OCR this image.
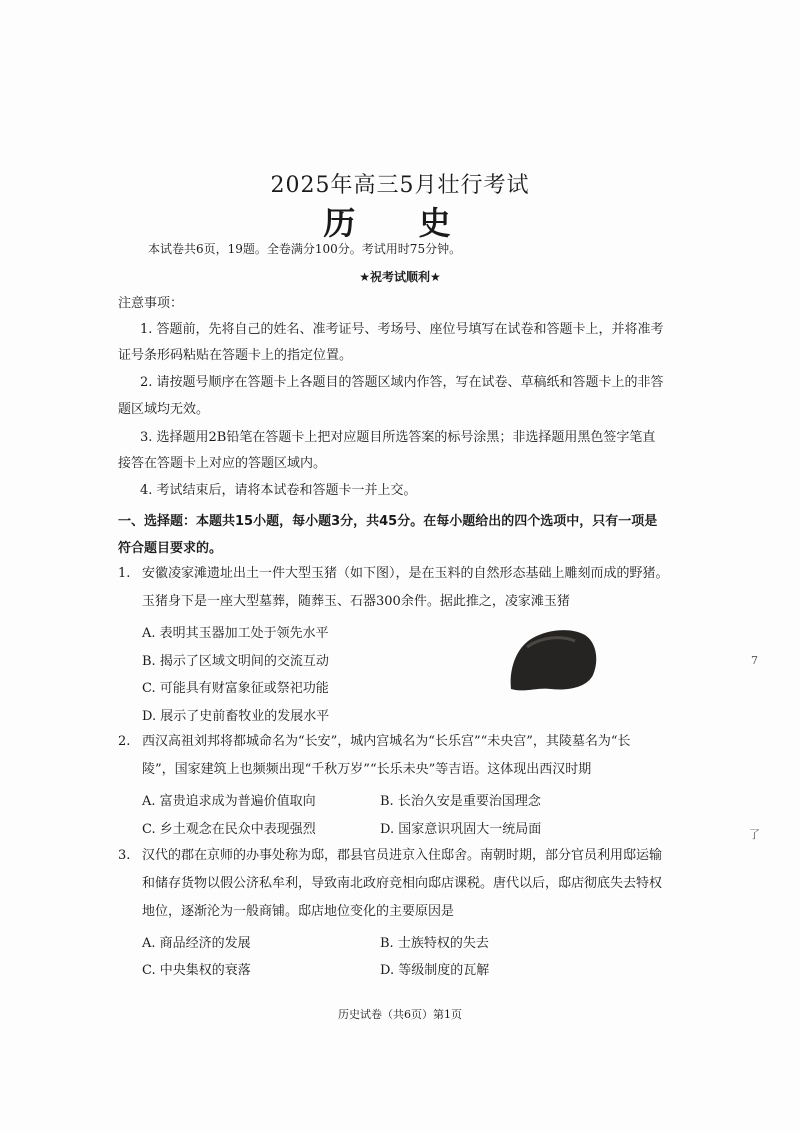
2025年高三5月壮行考试
历 史
本试卷共6页，19题。全卷满分100分。考试用时75分钟。
★祝考试顺利★
注意事项：
1. 答题前，先将自己的姓名、准考证号、考场号、座位号填写在试卷和答题卡上，并将准考
证号条形码粘贴在答题卡上的指定位置。
2. 请按题号顺序在答题卡上各题目的答题区域内作答，写在试卷、草稿纸和答题卡上的非答
题区域均无效。
3. 选择题用2B铅笔在答题卡上把对应题目所选答案的标号涂黑；非选择题用黑色签字笔直
接答在答题卡上对应的答题区域内。
4. 考试结束后，请将本试卷和答题卡一并上交。
一、选择题：本题共15小题，每小题3分，共45分。在每小题给出的四个选项中，只有一项是
符合题目要求的。
1. 安徽凌家滩遗址出土一件大型玉猪（如下图），是在玉料的自然形态基础上雕刻而成的野猪。
玉猪身下是一座大型墓葬，随葬玉、石器300余件。据此推之，凌家滩玉猪
A. 表明其玉器加工处于领先水平
B. 揭示了区域文明间的交流互动
C. 可能具有财富象征或祭祀功能
D. 展示了史前畜牧业的发展水平
7
了
2. 西汉高祖刘邦将都城命名为“长安”，城内宫城名为“长乐宫”“未央宫”，其陵墓名为“长
陵”，国家建筑上也频频出现“千秋万岁”“长乐未央”等吉语。这体现出西汉时期
A. 富贵追求成为普遍价值取向	B. 长治久安是重要治国理念
C. 乡土观念在民众中表现强烈	D. 国家意识巩固大一统局面
3. 汉代的郡在京师的办事处称为邸，郡县官员进京入住邸舍。南朝时期，部分官员利用邸运输
和储存货物以假公济私牟利，导致南北政府竞相向邸店课税。唐代以后，邸店彻底失去特权
地位，逐渐沦为一般商铺。邸店地位变化的主要原因是
A. 商品经济的发展	B. 士族特权的失去
C. 中央集权的衰落	D. 等级制度的瓦解
历史试卷（共6页）第1页
